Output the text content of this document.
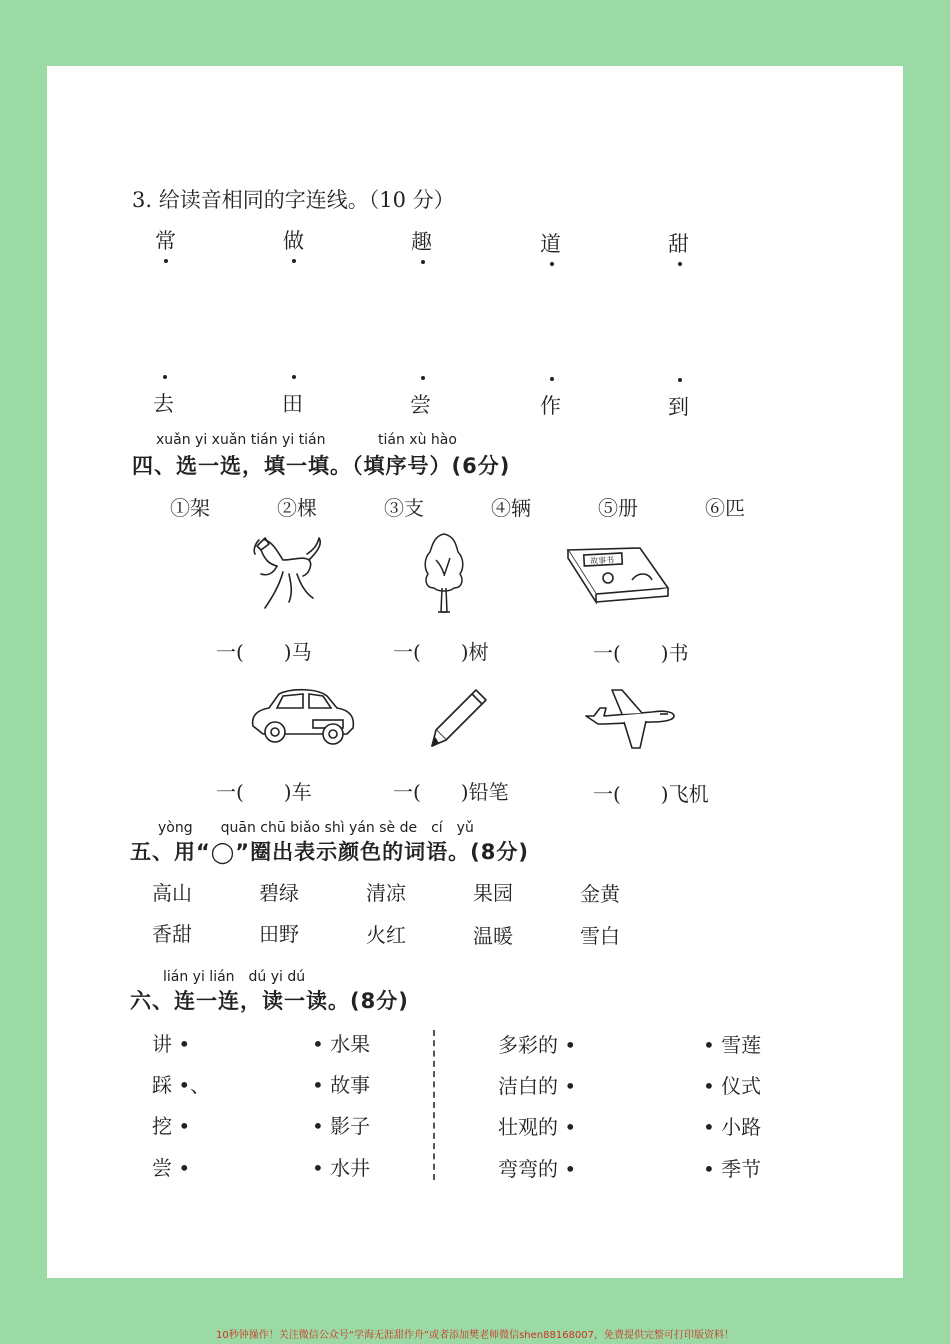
3. 给读音相同的字连线。（10 分）
常	做	趣	道	甜
去	田	尝	作	到
xuǎn yi xuǎn tián yi tián	tián xù hào
四、选一选，填一填。（填序号）(6分)
①架	②棵	③支	④辆	⑤册	⑥匹
故事书
一(　　)马	一(　　)树	一(　　)书
一(　　)车	一(　　)铅笔	一(　　)飞机
yòng　　quān chū biǎo shì yán sè de　cí　yǔ
五、用“◯”圈出表示颜色的词语。(8分)
高山	碧绿	清凉	果园	金黄
香甜	田野	火红	温暖	雪白
lián yi lián　dú yi dú
六、连一连，读一读。(8分)
讲 •
踩 •、
挖 •
尝 •
• 水果
• 故事
• 影子
• 水井
多彩的 •
洁白的 •
壮观的 •
弯弯的 •
• 雪莲
• 仪式
• 小路
• 季节
10秒钟操作！关注微信公众号“学海无涯甜作舟”或者添加樊老师微信shen88168007，免费提供完整可打印版资料！
